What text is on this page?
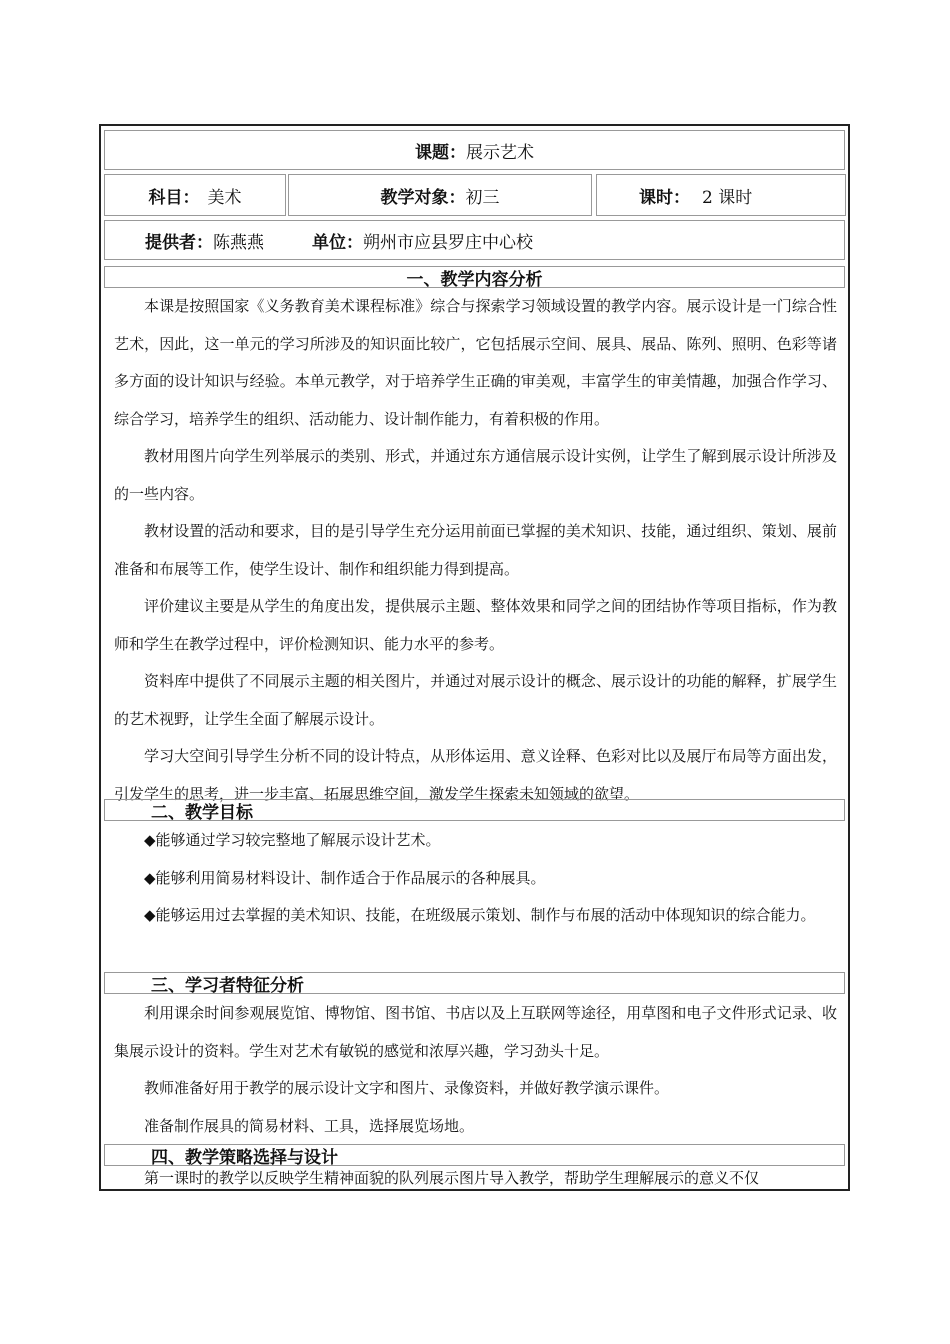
课题： 展示艺术
科目： 美术	教学对象： 初三	课时： 2 课时
提供者： 陈燕燕	单位： 朔州市应县罗庄中心校
一、教学内容分析

本课是按照国家《义务教育美术课程标准》综合与探索学习领域设置的教学内容。展示设计是一门综合性艺术，因此，这一单元的学习所涉及的知识面比较广，它包括展示空间、展具、展品、陈列、照明、色彩等诸多方面的设计知识与经验。本单元教学，对于培养学生正确的审美观，丰富学生的审美情趣，加强合作学习、综合学习，培养学生的组织、活动能力、设计制作能力，有着积极的作用。

教材用图片向学生列举展示的类别、形式，并通过东方通信展示设计实例，让学生了解到展示设计所涉及的一些内容。

教材设置的活动和要求，目的是引导学生充分运用前面已掌握的美术知识、技能，通过组织、策划、展前准备和布展等工作，使学生设计、制作和组织能力得到提高。

评价建议主要是从学生的角度出发，提供展示主题、整体效果和同学之间的团结协作等项目指标，作为教师和学生在教学过程中，评价检测知识、能力水平的参考。

资料库中提供了不同展示主题的相关图片，并通过对展示设计的概念、展示设计的功能的解释，扩展学生的艺术视野，让学生全面了解展示设计。

学习大空间引导学生分析不同的设计特点，从形体运用、意义诠释、色彩对比以及展厅布局等方面出发，引发学生的思考，进一步丰富、拓展思维空间，激发学生探索未知领域的欲望。

二、教学目标

◆能够通过学习较完整地了解展示设计艺术。

◆能够利用简易材料设计、制作适合于作品展示的各种展具。

◆能够运用过去掌握的美术知识、技能，在班级展示策划、制作与布展的活动中体现知识的综合能力。

三、学习者特征分析

利用课余时间参观展览馆、博物馆、图书馆、书店以及上互联网等途径，用草图和电子文件形式记录、收集展示设计的资料。学生对艺术有敏锐的感觉和浓厚兴趣，学习劲头十足。

教师准备好用于教学的展示设计文字和图片、录像资料，并做好教学演示课件。

准备制作展具的简易材料、工具，选择展览场地。

四、教学策略选择与设计

第一课时的教学以反映学生精神面貌的队列展示图片导入教学，帮助学生理解展示的意义不仅
